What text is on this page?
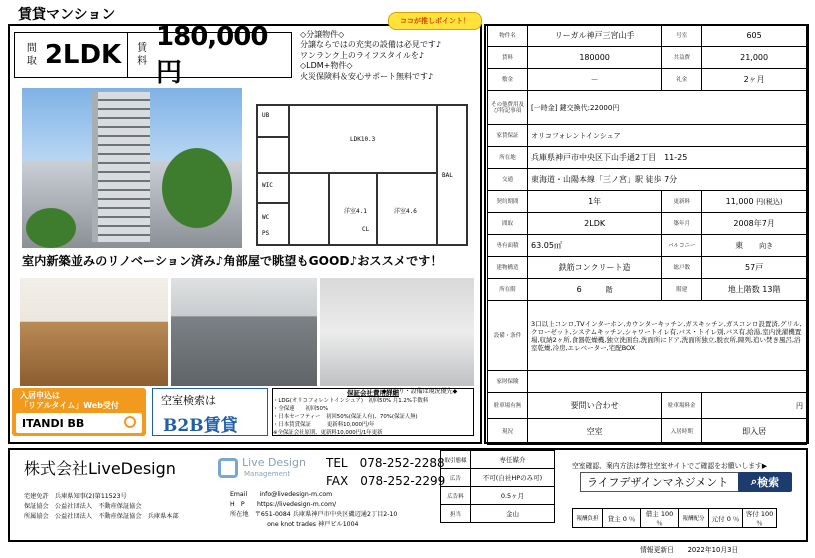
賃貸マンション	ココが推しポイント！
間取 2LDK	賃料
180,000円
◇分譲物件◇
分譲ならではの充実の設備は必見です♪
ワンランク上のライフスタイルを♪
◇LDM+物件◇
火災保険料＆安心サポート無料です♪
LDK10.3
洋室4.1	洋室4.6
BAL
UB
WIC
CL
WC
PS
室内新築並みのリノベーション済み♪角部屋で眺望もGOOD♪おススメです！
◆間取り・設備は現況優先◆
入居申込は
「リアルタイム」Web受付
ITANDI BB
空室検索は
B2B賃貸
保証会社費用詳細
・LDG(オリコフォレントインシュア)　初回50% 月1.2%手数料
・全保連　　初回50%
・日本セーフティー　初回50%(保証人有)、70%(保証人無)
・日本賃貸保証　　　更新料10,000円/年
※全保証会社原則、更新料10,000円/1年更新
物件名	リーガル神戸三宮山手	号室	605
賃料	180000	共益費	21,000
敷金	－	礼金	2ヶ月
その他費用及び特記事項	[一時金] 鍵交換代:22000円		
家賃保証	オリコフォレントインシュア		
所在地	兵庫県神戸市中央区下山手通2丁目　11-25		
交通	東海道・山陽本線「三ノ宮」駅 徒歩 7分		
契約期間	1年	更新料	11,000 円(税込)
間取	2LDK	築年月	2008年7月
専有面積	63.05㎡	バルコニー	東　　 向き
建物構造	鉄筋コンクリート造	総戸数	57戸
所在階	6　　　 階	階建	地上階数 13階
設備・条件	3口以上コンロ,TVインターホン,カウンターキッチン,ガスキッチン,ガスコンロ設置済,グリル,クローゼット,システムキッチン,シャワートイレ有,バス・トイレ別,バス有,給湯,室内洗濯機置場,収納2ヶ所,食器乾燥機,独立洗面台,洗面所にドア,洗面所独立,脱衣所,陳列,追い焚き風呂,浴室乾燥,冷房,エレベーター,宅配BOX		
家財保険			
駐車場有無	要問い合わせ	駐車場料金	円
現況	空室	入居時期	即入居
株式会社LiveDesign	Live Design
Management
TEL　 078-252-2288
FAX　 078-252-2299
宅建免許　兵庫県知事(2)第11523号
保証協会　公益社団法人　不動産保証協会
所属協会　公益社団法人　不動産保証協会　兵庫県本部
Email　　info@livedesign-m.com
H　P　　https://livedesign-m.com/
所在地　〒651-0084 兵庫県神戸市中央区磯辺通2丁目2-10
　　　　　　one knot trades 神戸ビル1004
取引態様	専任媒介
広告	不可(自社HPのみ可)
広告料	0.5ヶ月
担当	金山
空室確認、案内方法は弊社空室サイトでご確認をお願いします▶
ライフデザインマネジメント	⌕ 検索
報酬負担	貸主 0 ％	借主 100 ％	報酬配分	元付 0 ％	客付 100 ％
情報更新日　　2022年10月3日
